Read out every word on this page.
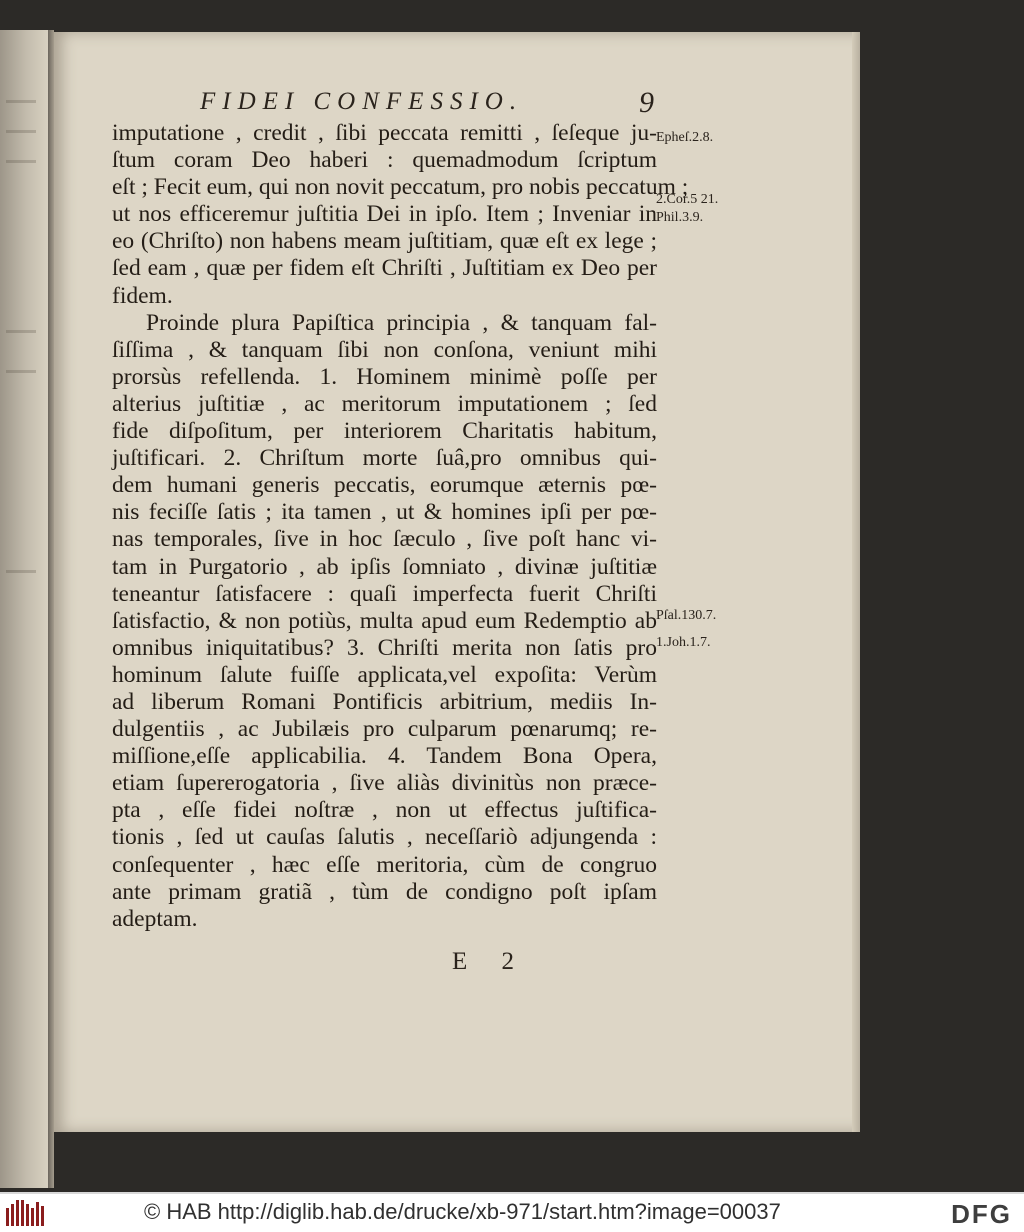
FIDEI CONFESSIO.	9
imputatione , credit , ſibi peccata remitti , ſeſeque ju-
ſtum coram Deo haberi : quemadmodum ſcriptum
eſt ; Fecit eum, qui non novit peccatum, pro nobis peccatum ;
ut nos efficeremur juſtitia Dei in ipſo. Item ; Inveniar in
eo (Chriſto) non habens meam juſtitiam, quæ eſt ex lege ;
ſed eam , quæ per fidem eſt Chriſti , Juſtitiam ex Deo per
fidem.
Proinde plura Papiſtica principia , & tanquam fal-
ſiſſima , & tanquam ſibi non conſona, veniunt mihi
prorsùs refellenda. 1. Hominem minimè poſſe per
alterius juſtitiæ , ac meritorum imputationem ; ſed
fide diſpoſitum, per interiorem Charitatis habitum,
juſtificari. 2. Chriſtum morte ſuâ,pro omnibus qui-
dem humani generis peccatis, eorumque æternis pœ-
nis feciſſe ſatis ; ita tamen , ut & homines ipſi per pœ-
nas temporales, ſive in hoc ſæculo , ſive poſt hanc vi-
tam in Purgatorio , ab ipſis ſomniato , divinæ juſtitiæ
teneantur ſatisfacere : quaſi imperfecta fuerit Chriſti
ſatisfactio, & non potiùs, multa apud eum Redemptio ab
omnibus iniquitatibus? 3. Chriſti merita non ſatis pro
hominum ſalute fuiſſe applicata,vel expoſita: Verùm
ad liberum Romani Pontificis arbitrium, mediis In-
dulgentiis , ac Jubilæis pro culparum pœnarumq; re-
miſſione,eſſe applicabilia. 4. Tandem Bona Opera,
etiam ſupererogatoria , ſive aliàs divinitùs non præce-
pta , eſſe fidei noſtræ , non ut effectus juſtifica-
tionis , ſed ut cauſas ſalutis , neceſſariò adjungenda :
conſequenter , hæc eſſe meritoria, cùm de congruo
ante primam gratiã , tùm de condigno poſt ipſam
adeptam.
Epheſ.2.8.
2.Cor.5 21.
Phil.3.9.
Pſal.130.7.
1.Joh.1.7.
E 2
© HAB http://diglib.hab.de/drucke/xb-971/start.htm?image=00037	DFG
